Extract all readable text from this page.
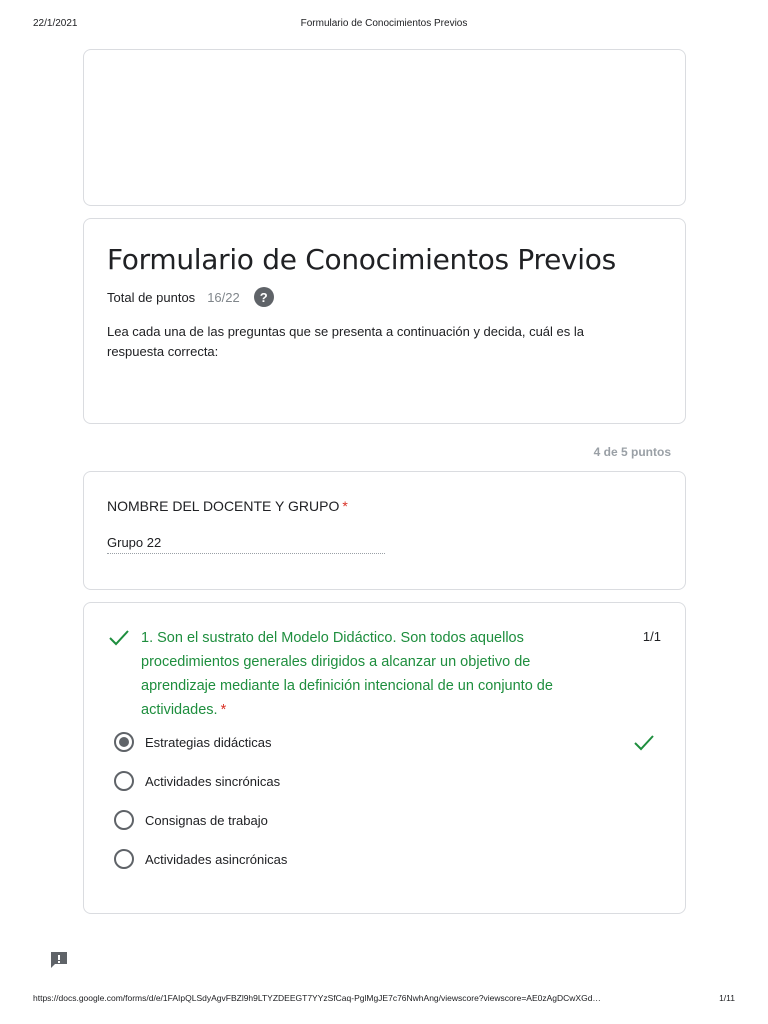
22/1/2021	Formulario de Conocimientos Previos
Formulario de Conocimientos Previos
Total de puntos 16/22	?
Lea cada una de las preguntas que se presenta a continuación y decida, cuál es la respuesta correcta:
4 de 5 puntos
NOMBRE DEL DOCENTE Y GRUPO *
Grupo 22
1. Son el sustrato del Modelo Didáctico. Son todos aquellos procedimientos generales dirigidos a alcanzar un objetivo de aprendizaje mediante la definición intencional de un conjunto de actividades. *
1/1
Estrategias didácticas
Actividades sincrónicas
Consignas de trabajo
Actividades asincrónicas
https://docs.google.com/forms/d/e/1FAIpQLSdyAgvFBZl9h9LTYZDEEGT7YYzSfCaq-PglMgJE7c76NwhAng/viewscore?viewscore=AE0zAgDCwXGd…	1/11
